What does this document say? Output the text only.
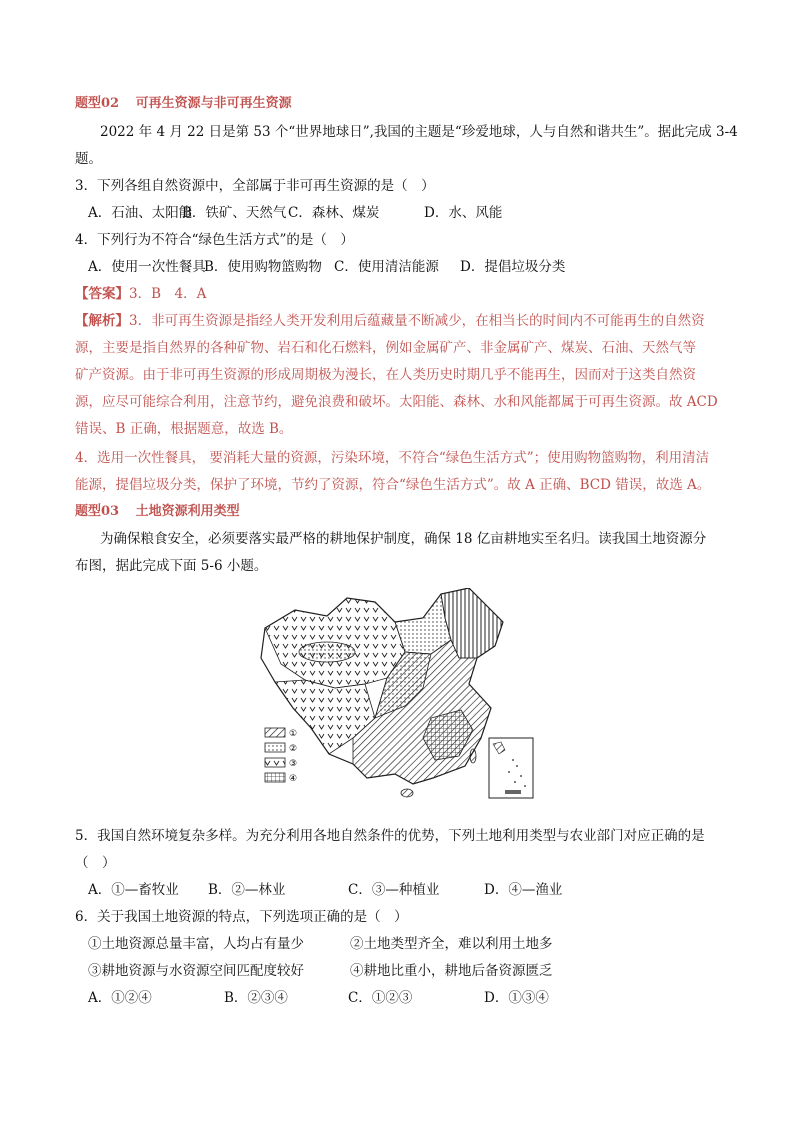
题型02 可再生资源与非可再生资源
2022 年 4 月 22 日是第 53 个“世界地球日”,我国的主题是“珍爱地球，人与自然和谐共生”。据此完成 3-4
题。
3．下列各组自然资源中，全部属于非可再生资源的是（　）
A．石油、太阳能
B．铁矿、天然气 C．森林、煤炭	D．水、风能
4．下列行为不符合“绿色生活方式”的是（　）
A．使用一次性餐具
B．使用购物篮购物 C．使用清洁能源	D．提倡垃圾分类
【答案】3．B　4．A
【解析】3．非可再生资源是指经人类开发利用后蕴藏量不断减少，在相当长的时间内不可能再生的自然资
源，主要是指自然界的各种矿物、岩石和化石燃料，例如金属矿产、非金属矿产、煤炭、石油、天然气等
矿产资源。由于非可再生资源的形成周期极为漫长，在人类历史时期几乎不能再生，因而对于这类自然资
源，应尽可能综合利用，注意节约，避免浪费和破坏。太阳能、森林、水和风能都属于可再生资源。故 ACD
错误、B 正确，根据题意，故选 B。
4．选用一次性餐具， 要消耗大量的资源，污染环境，不符合“绿色生活方式”；使用购物篮购物，利用清洁
能源，提倡垃圾分类，保护了环境，节约了资源，符合“绿色生活方式”。故 A 正确、BCD 错误，故选 A。
题型03 土地资源利用类型
为确保粮食安全，必须要落实最严格的耕地保护制度，确保 18 亿亩耕地实至名归。读我国土地资源分
布图，据此完成下面 5-6 小题。
①
②
③
④
5．我国自然环境复杂多样。为充分利用各地自然条件的优势，下列土地利用类型与农业部门对应正确的是
（　）
A．①—畜牧业	B．②—林业	C．③—种植业	D．④—渔业
6．关于我国土地资源的特点，下列选项正确的是（　）
①土地资源总量丰富，人均占有量少	②土地类型齐全，难以利用土地多
③耕地资源与水资源空间匹配度较好	④耕地比重小，耕地后备资源匮乏
A．①②④	B．②③④	C．①②③	D．①③④
